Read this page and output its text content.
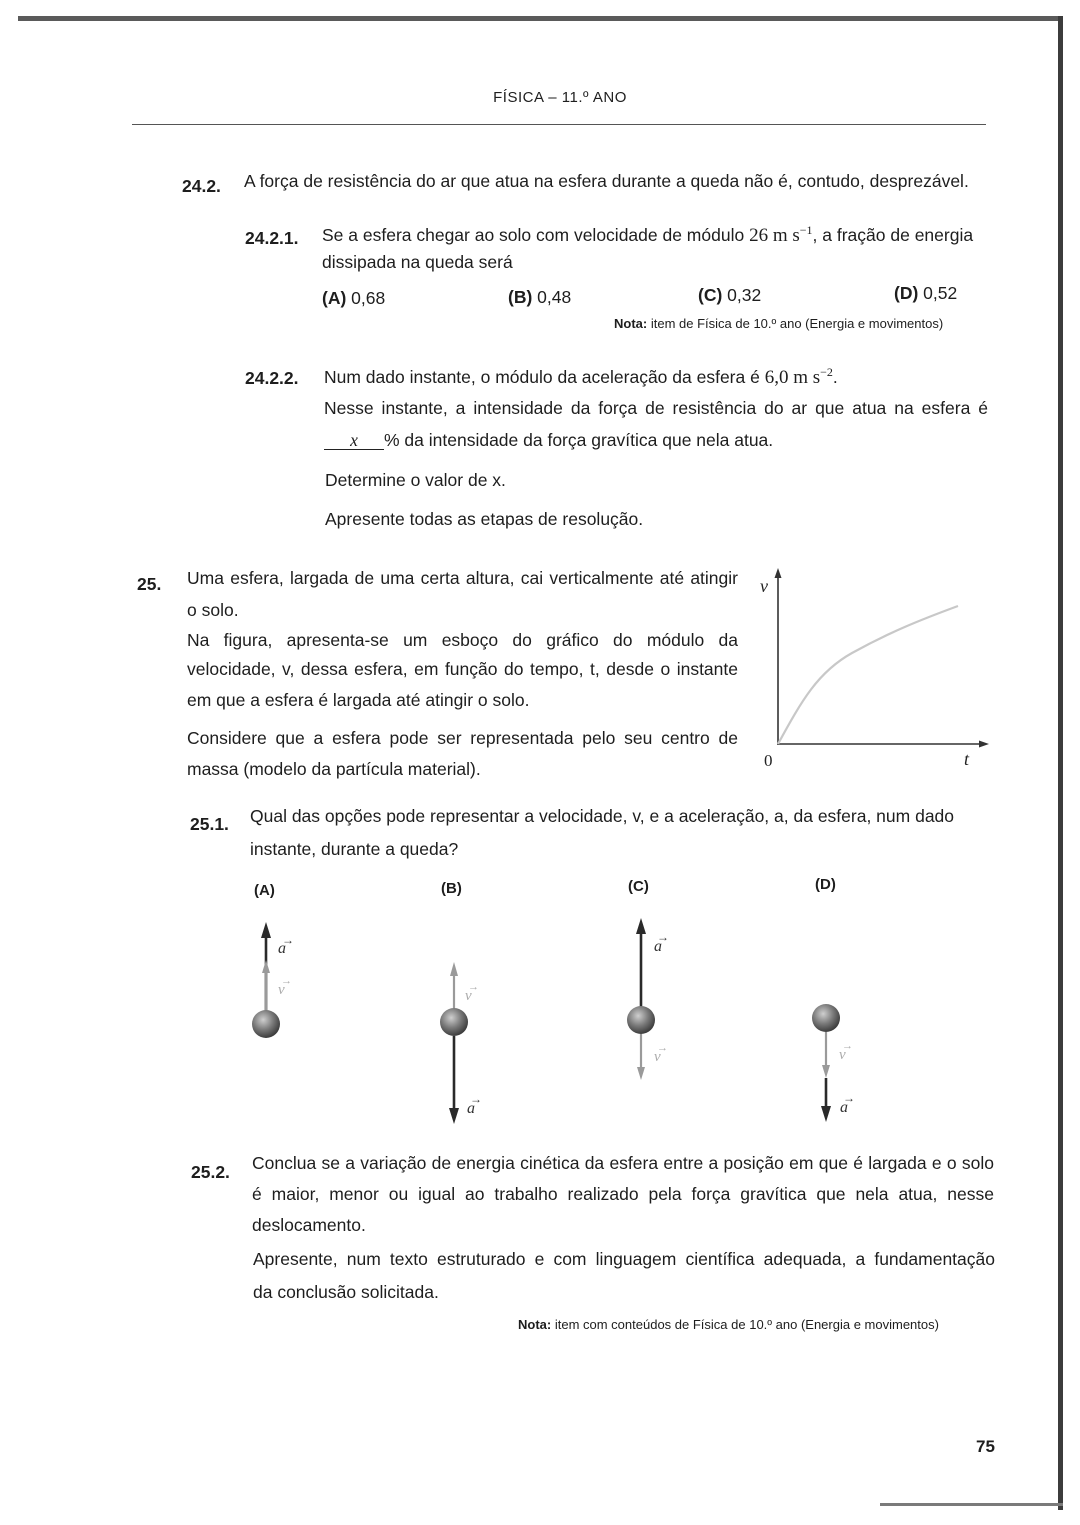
FÍSICA – 11.º ANO
24.2. A força de resistência do ar que atua na esfera durante a queda não é, contudo, desprezável.
24.2.1. Se a esfera chegar ao solo com velocidade de módulo 26 m $s^{-1}$, a fração de energia
dissipada na queda será
(A) 0,68	(B) 0,48	(C) 0,32	(D) 0,52
Nota: item de Física de 10.º ano (Energia e movimentos)
24.2.2. Num dado instante, o módulo da aceleração da esfera é 6,0 m $s^{-2}$.
Nesse instante, a intensidade da força de resistência do ar que atua na esfera é
x % da intensidade da força gravítica que nela atua.
Determine o valor de x.
Apresente todas as etapas de resolução.
25. Uma esfera, largada de uma certa altura, cai verticalmente até atingir
o solo.
Na figura, apresenta-se um esboço do gráfico do módulo da
velocidade, v, dessa esfera, em função do tempo, t, desde o instante
em que a esfera é largada até atingir o solo.
Considere que a esfera pode ser representada pelo seu centro de
massa (modelo da partícula material).
v
t
0
25.1. Qual das opções pode representar a velocidade, v, e a aceleração, a, da esfera, num dado
instante, durante a queda?
(A)	(B)	(C)	(D)
a
→
v
→
v
→
a
→
a
→
v
→	v
→
a
→
25.2. Conclua se a variação de energia cinética da esfera entre a posição em que é largada e o solo
é maior, menor ou igual ao trabalho realizado pela força gravítica que nela atua, nesse
deslocamento.
Apresente, num texto estruturado e com linguagem científica adequada, a fundamentação
da conclusão solicitada.
Nota: item com conteúdos de Física de 10.º ano (Energia e movimentos)
75
